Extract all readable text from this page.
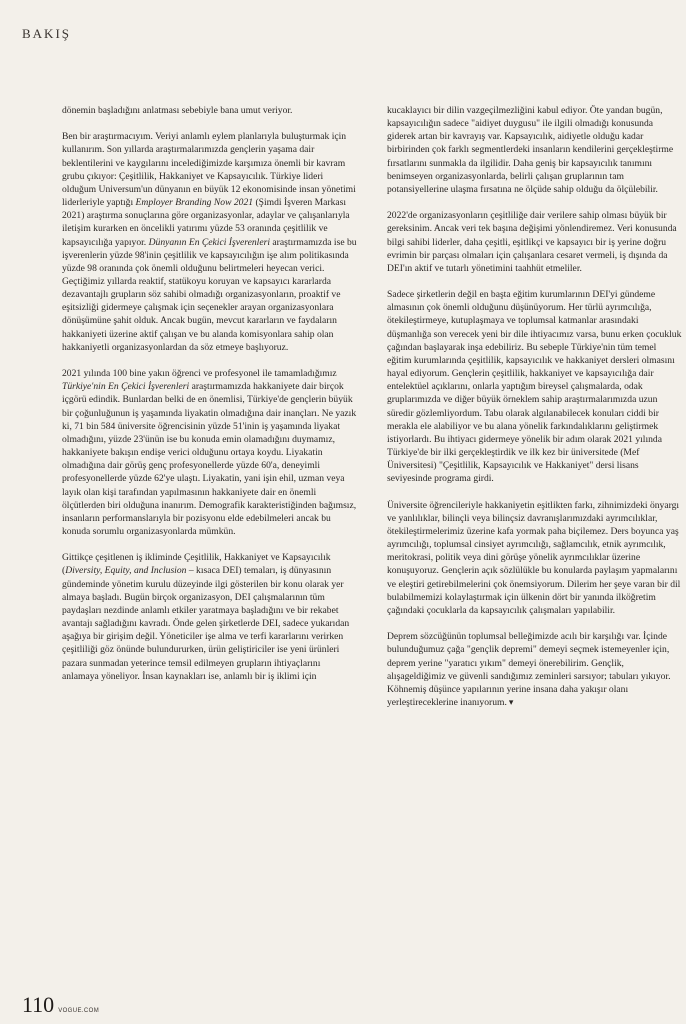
BAKIŞ

dönemin başladığını anlatması sebebiyle bana umut veriyor.

Ben bir araştırmacıyım. Veriyi anlamlı eylem planlarıyla buluşturmak için kullanırım. Son yıllarda araştırmalarımızda gençlerin yaşama dair beklentilerini ve kaygılarını incelediğimizde karşımıza önemli bir kavram grubu çıkıyor: Çeşitlilik, Hakkaniyet ve Kapsayıcılık. Türkiye lideri olduğum Universum'un dünyanın en büyük 12 ekonomisinde insan yönetimi liderleriyle yaptığı Employer Branding Now 2021 (Şimdi İşveren Markası 2021) araştırma sonuçlarına göre organizasyonlar, adaylar ve çalışanlarıyla iletişim kurarken en öncelikli yatırımı yüzde 53 oranında çeşitlilik ve kapsayıcılığa yapıyor. Dünyanın En Çekici İşverenleri araştırmamızda ise bu işverenlerin yüzde 98'inin çeşitlilik ve kapsayıcılığın işe alım politikasında yüzde 98 oranında çok önemli olduğunu belirtmeleri heyecan verici. Geçtiğimiz yıllarda reaktif, statükoyu koruyan ve kapsayıcı kararlarda dezavantajlı grupların söz sahibi olmadığı organizasyonların, proaktif ve eşitsizliği gidermeye çalışmak için seçenekler arayan organizasyonlara dönüşümüne şahit olduk. Ancak bugün, mevcut kararların ve faydaların hakkaniyeti üzerine aktif çalışan ve bu alanda komisyonlara sahip olan hakkaniyetli organizasyonlardan da söz etmeye başlıyoruz.

2021 yılında 100 bine yakın öğrenci ve profesyonel ile tamamladığımız Türkiye'nin En Çekici İşverenleri araştırmamızda hakkaniyete dair birçok içgörü edindik. Bunlardan belki de en önemlisi, Türkiye'de gençlerin büyük bir çoğunluğunun iş yaşamında liyakatin olmadığına dair inançları. Ne yazık ki, 71 bin 584 üniversite öğrencisinin yüzde 51'inin iş yaşamında liyakat olmadığını, yüzde 23'ünün ise bu konuda emin olamadığını duymamız, hakkaniyete bakışın endişe verici olduğunu ortaya koydu. Liyakatin olmadığına dair görüş genç profesyonellerde yüzde 60'a, deneyimli profesyonellerde yüzde 62'ye ulaştı. Liyakatin, yani işin ehil, uzman veya layık olan kişi tarafından yapılmasının hakkaniyete dair en önemli ölçütlerden biri olduğuna inanırım. Demografik karakteristiğinden bağımsız, insanların performanslarıyla bir pozisyonu elde edebilmeleri ancak bu konuda sorumlu organizasyonlarda mümkün.

Gittikçe çeşitlenen iş ikliminde Çeşitlilik, Hakkaniyet ve Kapsayıcılık (Diversity, Equity, and Inclusion – kısaca DEI) temaları, iş dünyasının gündeminde yönetim kurulu düzeyinde ilgi gösterilen bir konu olarak yer almaya başladı. Bugün birçok organizasyon, DEI çalışmalarının tüm paydaşları nezdinde anlamlı etkiler yaratmaya başladığını ve bir rekabet avantajı sağladığını kavradı. Önde gelen şirketlerde DEI, sadece yukarıdan aşağıya bir girişim değil. Yöneticiler işe alma ve terfi kararlarını verirken çeşitliliği göz önünde bulundururken, ürün geliştiriciler ise yeni ürünleri pazara sunmadan yeterince temsil edilmeyen grupların ihtiyaçlarını anlamaya yöneliyor. İnsan kaynakları ise, anlamlı bir iş iklimi için

kucaklayıcı bir dilin vazgeçilmezliğini kabul ediyor. Öte yandan bugün, kapsayıcılığın sadece "aidiyet duygusu" ile ilgili olmadığı konusunda giderek artan bir kavrayış var. Kapsayıcılık, aidiyetle olduğu kadar birbirinden çok farklı segmentlerdeki insanların kendilerini gerçekleştirme fırsatlarını sunmakla da ilgilidir. Daha geniş bir kapsayıcılık tanımını benimseyen organizasyonlarda, belirli çalışan gruplarının tam potansiyellerine ulaşma fırsatına ne ölçüde sahip olduğu da ölçülebilir.

2022'de organizasyonların çeşitliliğe dair verilere sahip olması büyük bir gereksinim. Ancak veri tek başına değişimi yönlendiremez. Veri konusunda bilgi sahibi liderler, daha çeşitli, eşitlikçi ve kapsayıcı bir iş yerine doğru evrimin bir parçası olmaları için çalışanlara cesaret vermeli, iş dışında da DEI'ın aktif ve tutarlı yönetimini taahhüt etmeliler.

Sadece şirketlerin değil en başta eğitim kurumlarının DEI'yi gündeme almasının çok önemli olduğunu düşünüyorum. Her türlü ayrımcılığa, ötekileştirmeye, kutuplaşmaya ve toplumsal katmanlar arasındaki düşmanlığa son verecek yeni bir dile ihtiyacımız varsa, bunu erken çocukluk çağından başlayarak inşa edebiliriz. Bu sebeple Türkiye'nin tüm temel eğitim kurumlarında çeşitlilik, kapsayıcılık ve hakkaniyet dersleri olmasını hayal ediyorum. Gençlerin çeşitlilik, hakkaniyet ve kapsayıcılığa dair entelektüel açıklarını, onlarla yaptığım bireysel çalışmalarda, odak gruplarımızda ve diğer büyük örneklem sahip araştırmalarımızda uzun süredir gözlemliyordum. Tabu olarak algılanabilecek konuları ciddi bir merakla ele alabiliyor ve bu alana yönelik farkındalıklarını geliştirmek istiyorlardı. Bu ihtiyacı gidermeye yönelik bir adım olarak 2021 yılında Türkiye'de bir ilki gerçekleştirdik ve ilk kez bir üniversitede (Mef Üniversitesi) "Çeşitlilik, Kapsayıcılık ve Hakkaniyet" dersi lisans seviyesinde programa girdi.

Üniversite öğrencileriyle hakkaniyetin eşitlikten farkı, zihnimizdeki önyargı ve yanlılıklar, bilinçli veya bilinçsiz davranışlarımızdaki ayrımcılıklar, ötekileştirmelerimiz üzerine kafa yormak paha biçilemez. Ders boyunca yaş ayrımcılığı, toplumsal cinsiyet ayrımcılığı, sağlamcılık, etnik ayrımcılık, meritokrasi, politik veya dini görüşe yönelik ayrımcılıklar üzerine konuşuyoruz. Gençlerin açık sözlülükle bu konularda paylaşım yapmalarını ve eleştiri getirebilmelerini çok önemsiyorum. Dilerim her şeye varan bir dil bulabilmemizi kolaylaştırmak için ülkenin dört bir yanında ilköğretim çağındaki çocuklarla da kapsayıcılık çalışmaları yapılabilir.

Deprem sözcüğünün toplumsal belleğimizde acılı bir karşılığı var. İçinde bulunduğumuz çağa "gençlik depremi" demeyi seçmek istemeyenler için, deprem yerine "yaratıcı yıkım" demeyi önerebilirim. Gençlik, alışageldiğimiz ve güvenli sandığımız zeminleri sarsıyor; tabuları yıkıyor. Köhnemiş düşünce yapılarının yerine insana daha yakışır olanı yerleştireceklerine inanıyorum. ▾

110 VOGUE.COM
